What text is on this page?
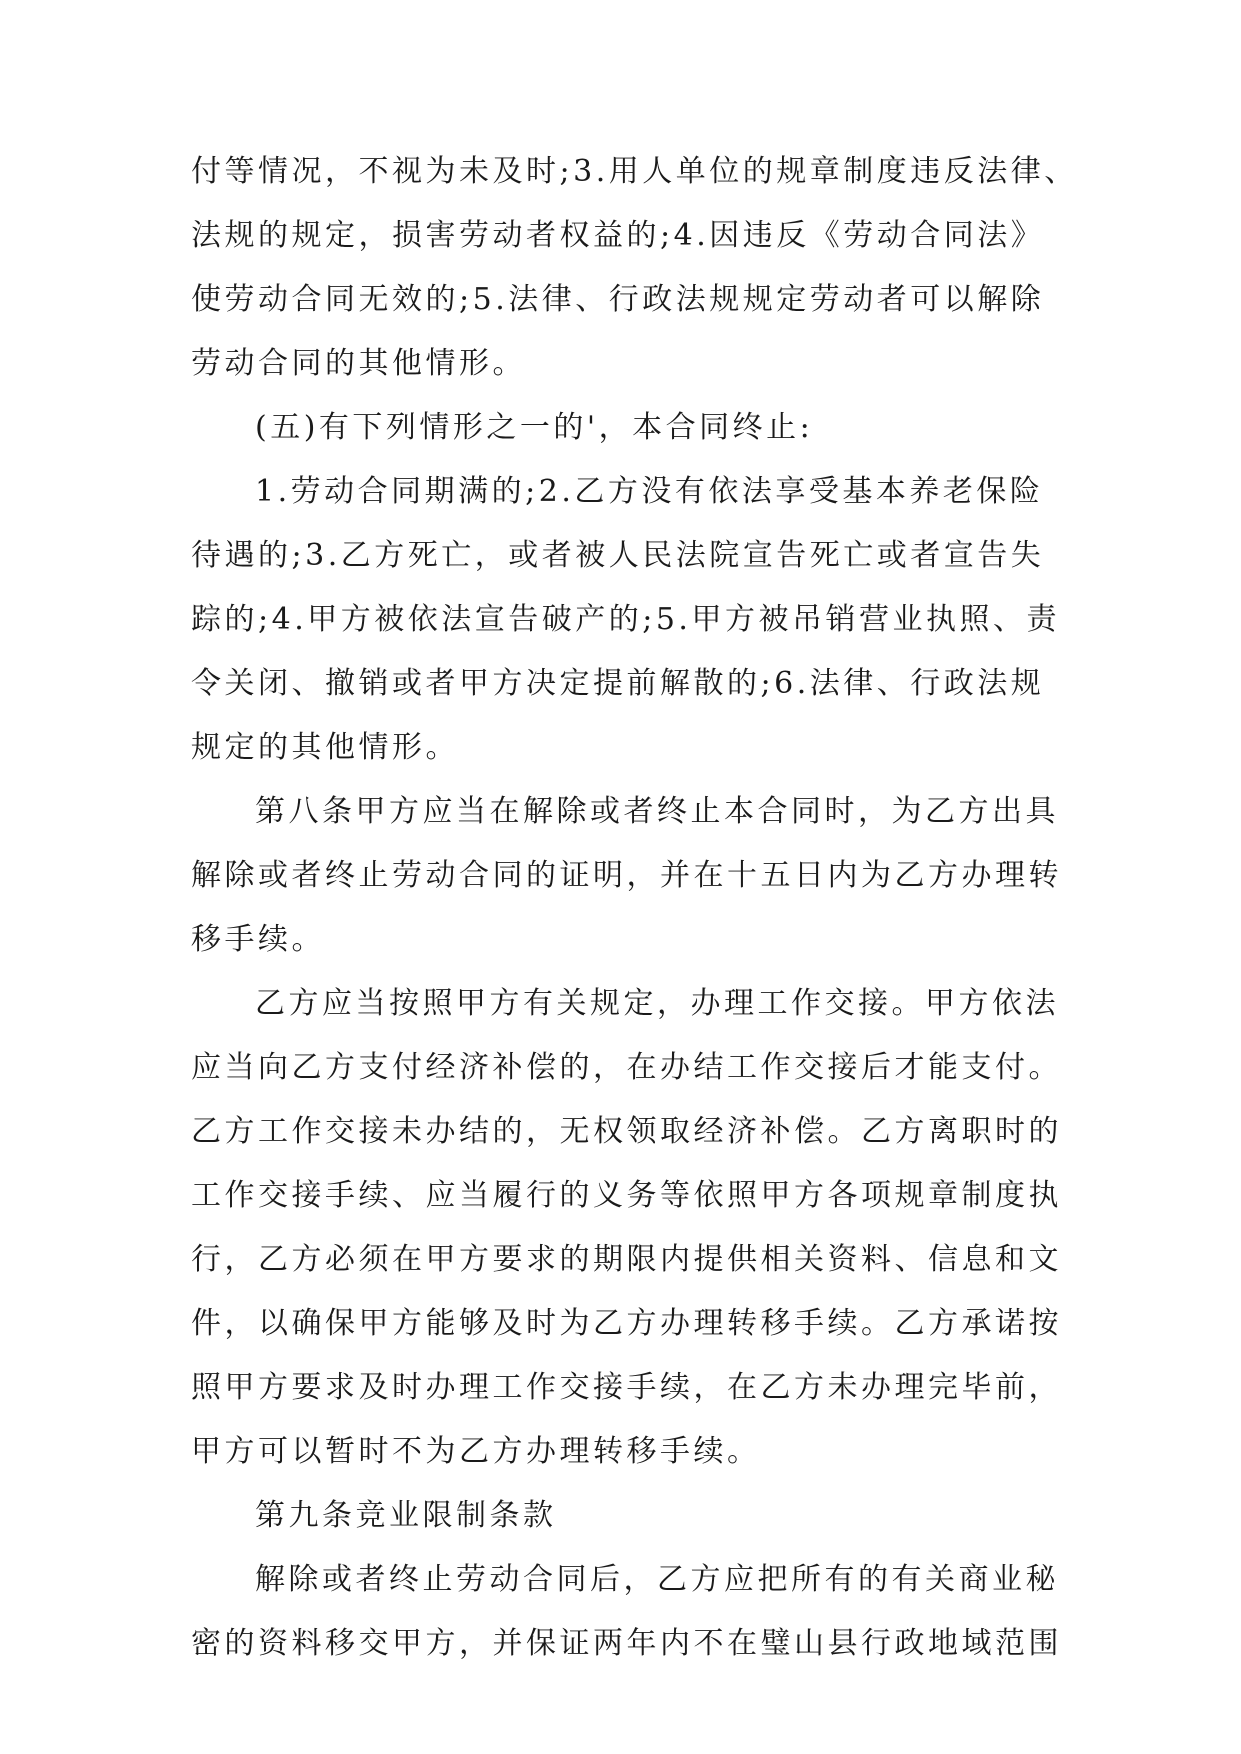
付等情况，不视为未及时;3.用人单位的规章制度违反法律、
法规的规定，损害劳动者权益的;4.因违反《劳动合同法》
使劳动合同无效的;5.法律、行政法规规定劳动者可以解除
劳动合同的其他情形。
(五)有下列情形之一的'，本合同终止:
1.劳动合同期满的;2.乙方没有依法享受基本养老保险
待遇的;3.乙方死亡，或者被人民法院宣告死亡或者宣告失
踪的;4.甲方被依法宣告破产的;5.甲方被吊销营业执照、责
令关闭、撤销或者甲方决定提前解散的;6.法律、行政法规
规定的其他情形。
第八条甲方应当在解除或者终止本合同时，为乙方出具
解除或者终止劳动合同的证明，并在十五日内为乙方办理转
移手续。
乙方应当按照甲方有关规定，办理工作交接。甲方依法
应当向乙方支付经济补偿的，在办结工作交接后才能支付。
乙方工作交接未办结的，无权领取经济补偿。乙方离职时的
工作交接手续、应当履行的义务等依照甲方各项规章制度执
行，乙方必须在甲方要求的期限内提供相关资料、信息和文
件，以确保甲方能够及时为乙方办理转移手续。乙方承诺按
照甲方要求及时办理工作交接手续，在乙方未办理完毕前，
甲方可以暂时不为乙方办理转移手续。
第九条竞业限制条款
解除或者终止劳动合同后，乙方应把所有的有关商业秘
密的资料移交甲方，并保证两年内不在璧山县行政地域范围
